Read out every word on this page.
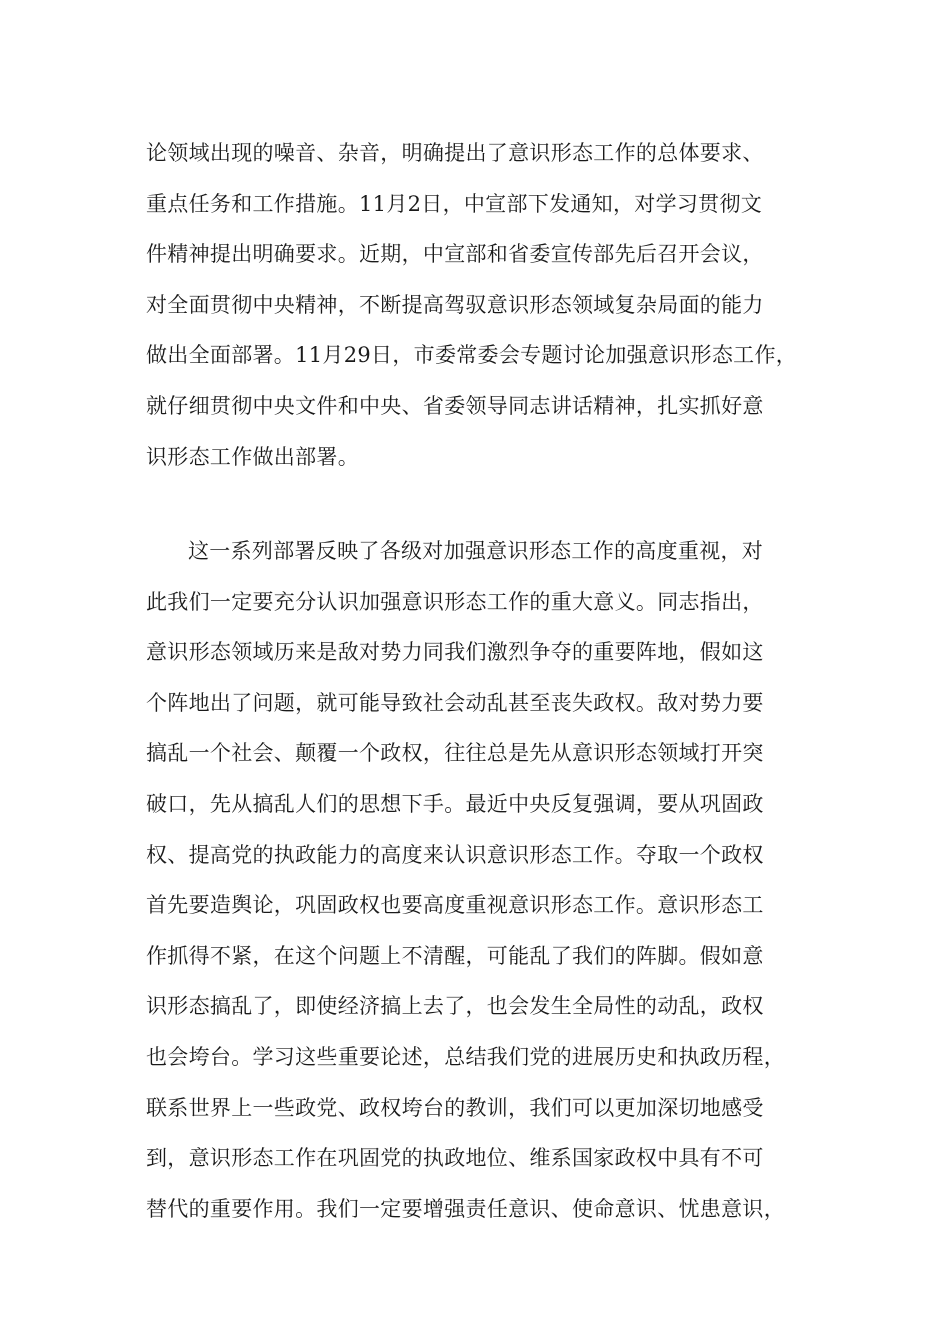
论领域出现的噪音、杂音，明确提出了意识形态工作的总体要求、
重点任务和工作措施。11月2日，中宣部下发通知，对学习贯彻文
件精神提出明确要求。近期，中宣部和省委宣传部先后召开会议，
对全面贯彻中央精神，不断提高驾驭意识形态领域复杂局面的能力
做出全面部署。11月29日，市委常委会专题讨论加强意识形态工作，
就仔细贯彻中央文件和中央、省委领导同志讲话精神，扎实抓好意
识形态工作做出部署。
这一系列部署反映了各级对加强意识形态工作的高度重视，对
此我们一定要充分认识加强意识形态工作的重大意义。同志指出，
意识形态领域历来是敌对势力同我们激烈争夺的重要阵地，假如这
个阵地出了问题，就可能导致社会动乱甚至丧失政权。敌对势力要
搞乱一个社会、颠覆一个政权，往往总是先从意识形态领域打开突
破口，先从搞乱人们的思想下手。最近中央反复强调，要从巩固政
权、提高党的执政能力的高度来认识意识形态工作。夺取一个政权
首先要造舆论，巩固政权也要高度重视意识形态工作。意识形态工
作抓得不紧，在这个问题上不清醒，可能乱了我们的阵脚。假如意
识形态搞乱了，即使经济搞上去了，也会发生全局性的动乱，政权
也会垮台。学习这些重要论述，总结我们党的进展历史和执政历程，
联系世界上一些政党、政权垮台的教训，我们可以更加深切地感受
到，意识形态工作在巩固党的执政地位、维系国家政权中具有不可
替代的重要作用。我们一定要增强责任意识、使命意识、忧患意识，
